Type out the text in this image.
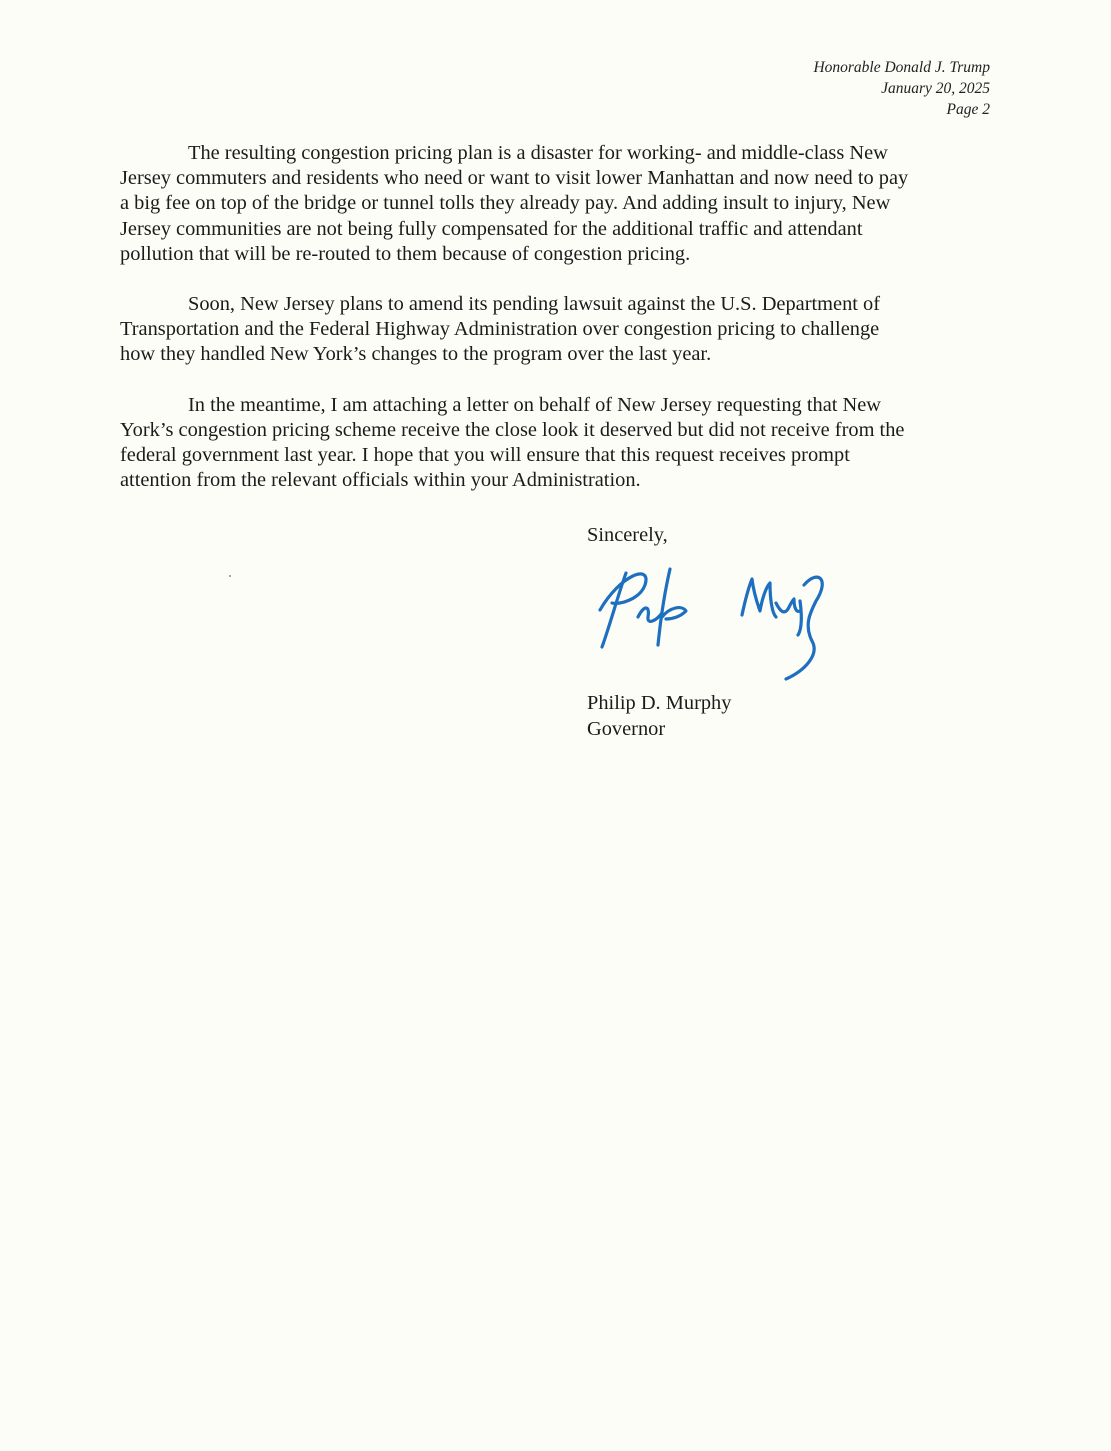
Honorable Donald J. Trump
January 20, 2025
Page 2

The resulting congestion pricing plan is a disaster for working- and middle-class New
Jersey commuters and residents who need or want to visit lower Manhattan and now need to pay
a big fee on top of the bridge or tunnel tolls they already pay. And adding insult to injury, New
Jersey communities are not being fully compensated for the additional traffic and attendant
pollution that will be re-routed to them because of congestion pricing.

Soon, New Jersey plans to amend its pending lawsuit against the U.S. Department of
Transportation and the Federal Highway Administration over congestion pricing to challenge
how they handled New York’s changes to the program over the last year.

In the meantime, I am attaching a letter on behalf of New Jersey requesting that New
York’s congestion pricing scheme receive the close look it deserved but did not receive from the
federal government last year. I hope that you will ensure that this request receives prompt
attention from the relevant officials within your Administration.

Sincerely,
Philip D. Murphy
Governor
